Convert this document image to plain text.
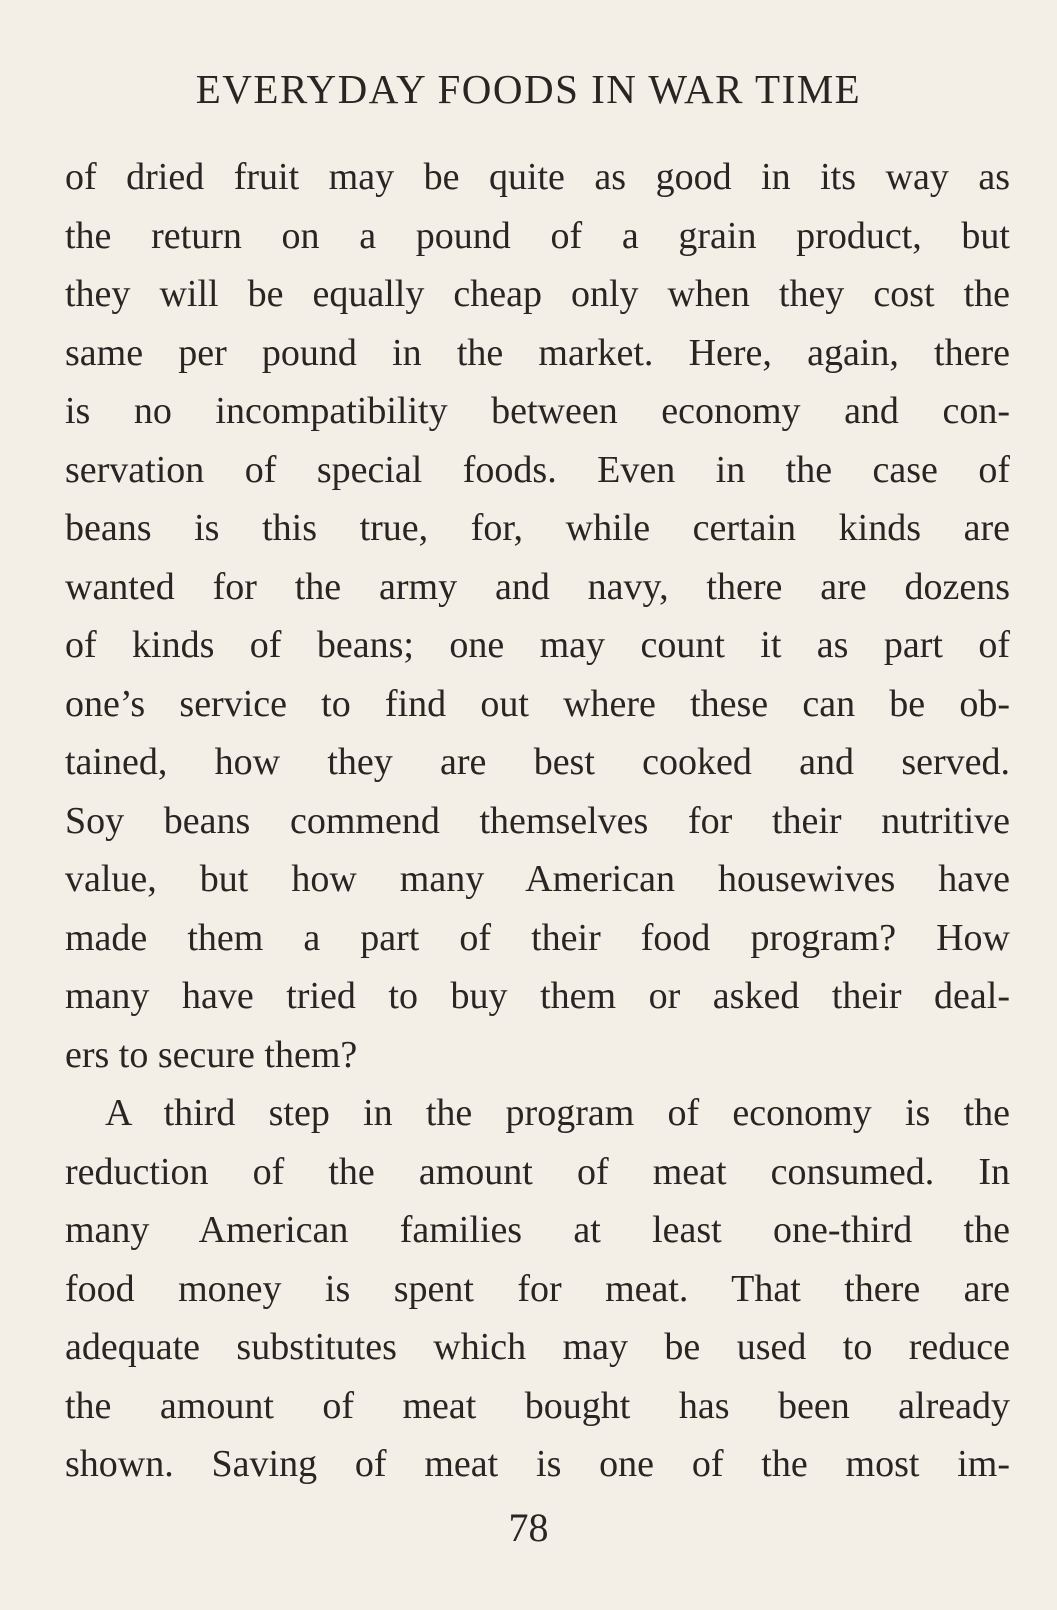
EVERYDAY FOODS IN WAR TIME
of dried fruit may be quite as good in its way as
the return on a pound of a grain product, but
they will be equally cheap only when they cost the
same per pound in the market. Here, again, there
is no incompatibility between economy and con-
servation of special foods. Even in the case of
beans is this true, for, while certain kinds are
wanted for the army and navy, there are dozens
of kinds of beans; one may count it as part of
one’s service to find out where these can be ob-
tained, how they are best cooked and served.
Soy beans commend themselves for their nutritive
value, but how many American housewives have
made them a part of their food program? How
many have tried to buy them or asked their deal-
ers to secure them?
A third step in the program of economy is the
reduction of the amount of meat consumed. In
many American families at least one-third the
food money is spent for meat. That there are
adequate substitutes which may be used to reduce
the amount of meat bought has been already
shown. Saving of meat is one of the most im-
78
